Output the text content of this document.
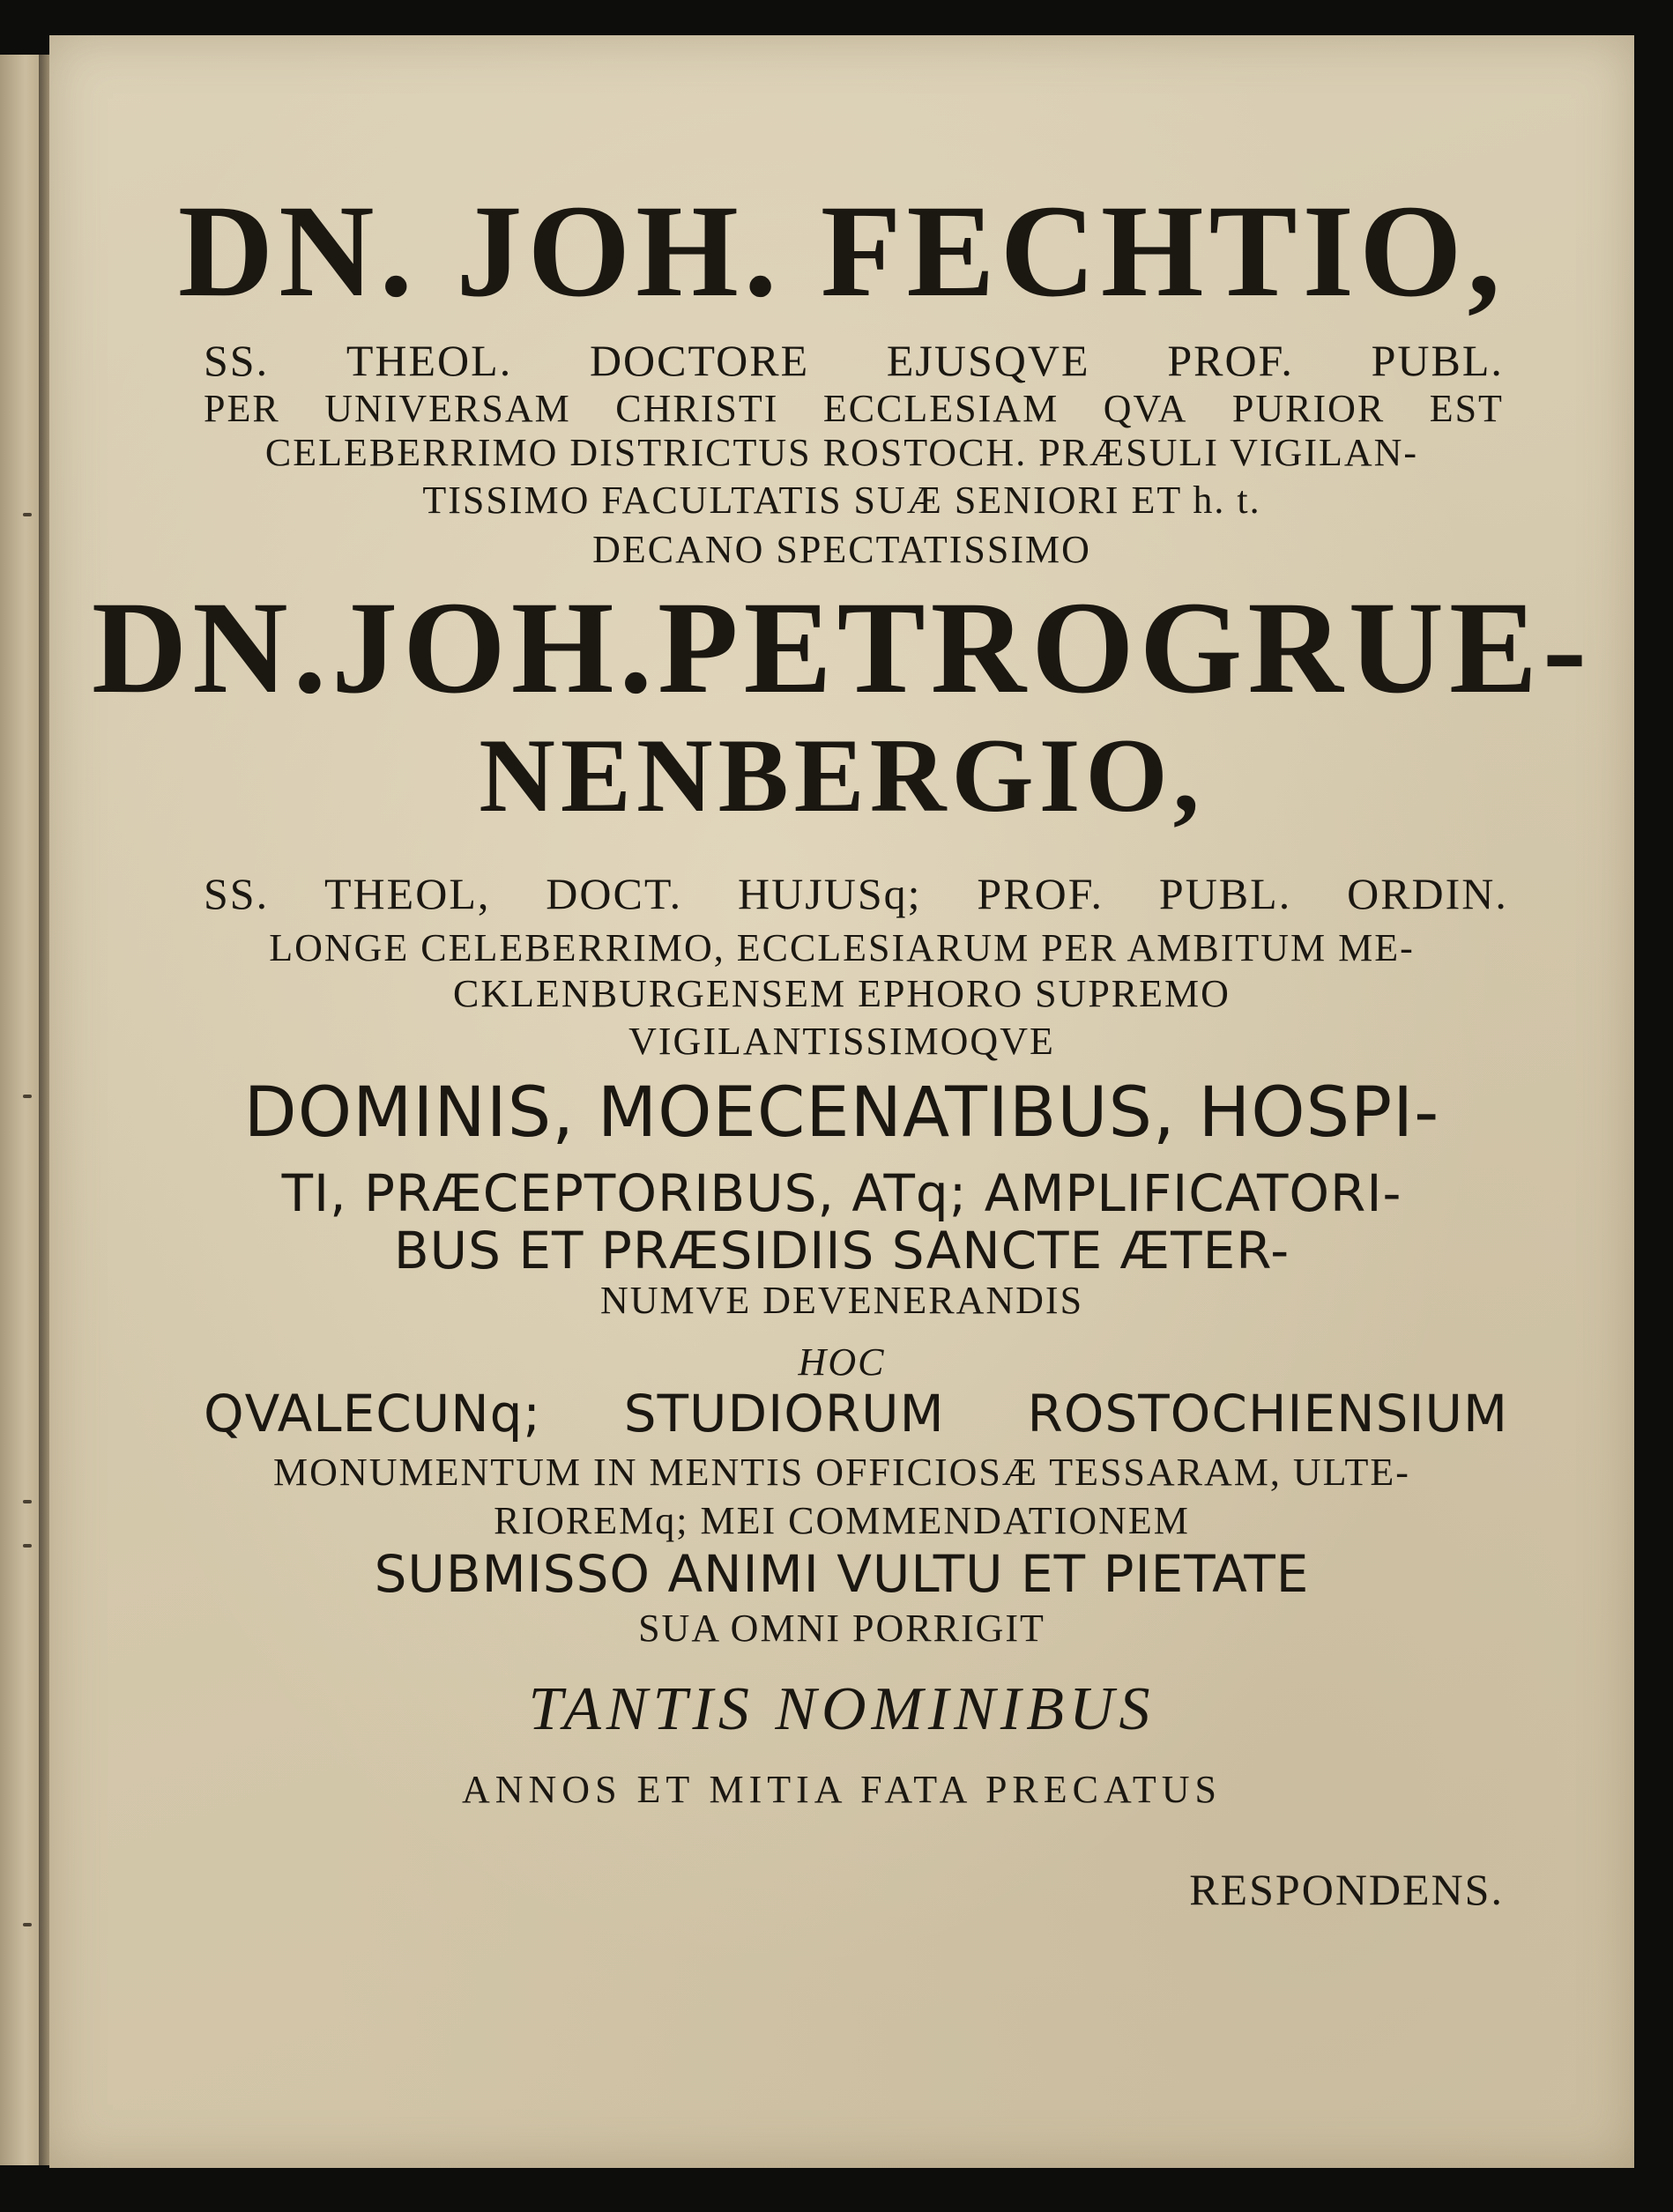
DN. JOH. FECHTIO,
SS. THEOL. DOCTORE EJUSQVE PROF. PUBL.
PER UNIVERSAM CHRISTI ECCLESIAM QVA PURIOR EST
CELEBERRIMO DISTRICTUS ROSTOCH. PRÆSULI VIGILAN-
TISSIMO FACULTATIS SUÆ SENIORI ET h. t.
DECANO SPECTATISSIMO
DN.JOH.PETROGRUE-
NENBERGIO,
SS. THEOL, DOCT. HUJUSq; PROF. PUBL. ORDIN.
LONGE CELEBERRIMO, ECCLESIARUM PER AMBITUM ME-
CKLENBURGENSEM EPHORO SUPREMO
VIGILANTISSIMOQVE
DOMINIS, MOECENATIBUS, HOSPI-
TI, PRÆCEPTORIBUS, ATq; AMPLIFICATORI-
BUS ET PRÆSIDIIS SANCTE ÆTER-
NUMVE DEVENERANDIS
HOC
QVALECUNq; STUDIORUM ROSTOCHIENSIUM
MONUMENTUM IN MENTIS OFFICIOSÆ TESSARAM, ULTE-
RIOREMq; MEI COMMENDATIONEM
SUBMISSO ANIMI VULTU ET PIETATE
SUA OMNI PORRIGIT
TANTIS NOMINIBUS
ANNOS ET MITIA FATA PRECATUS
RESPONDENS.
